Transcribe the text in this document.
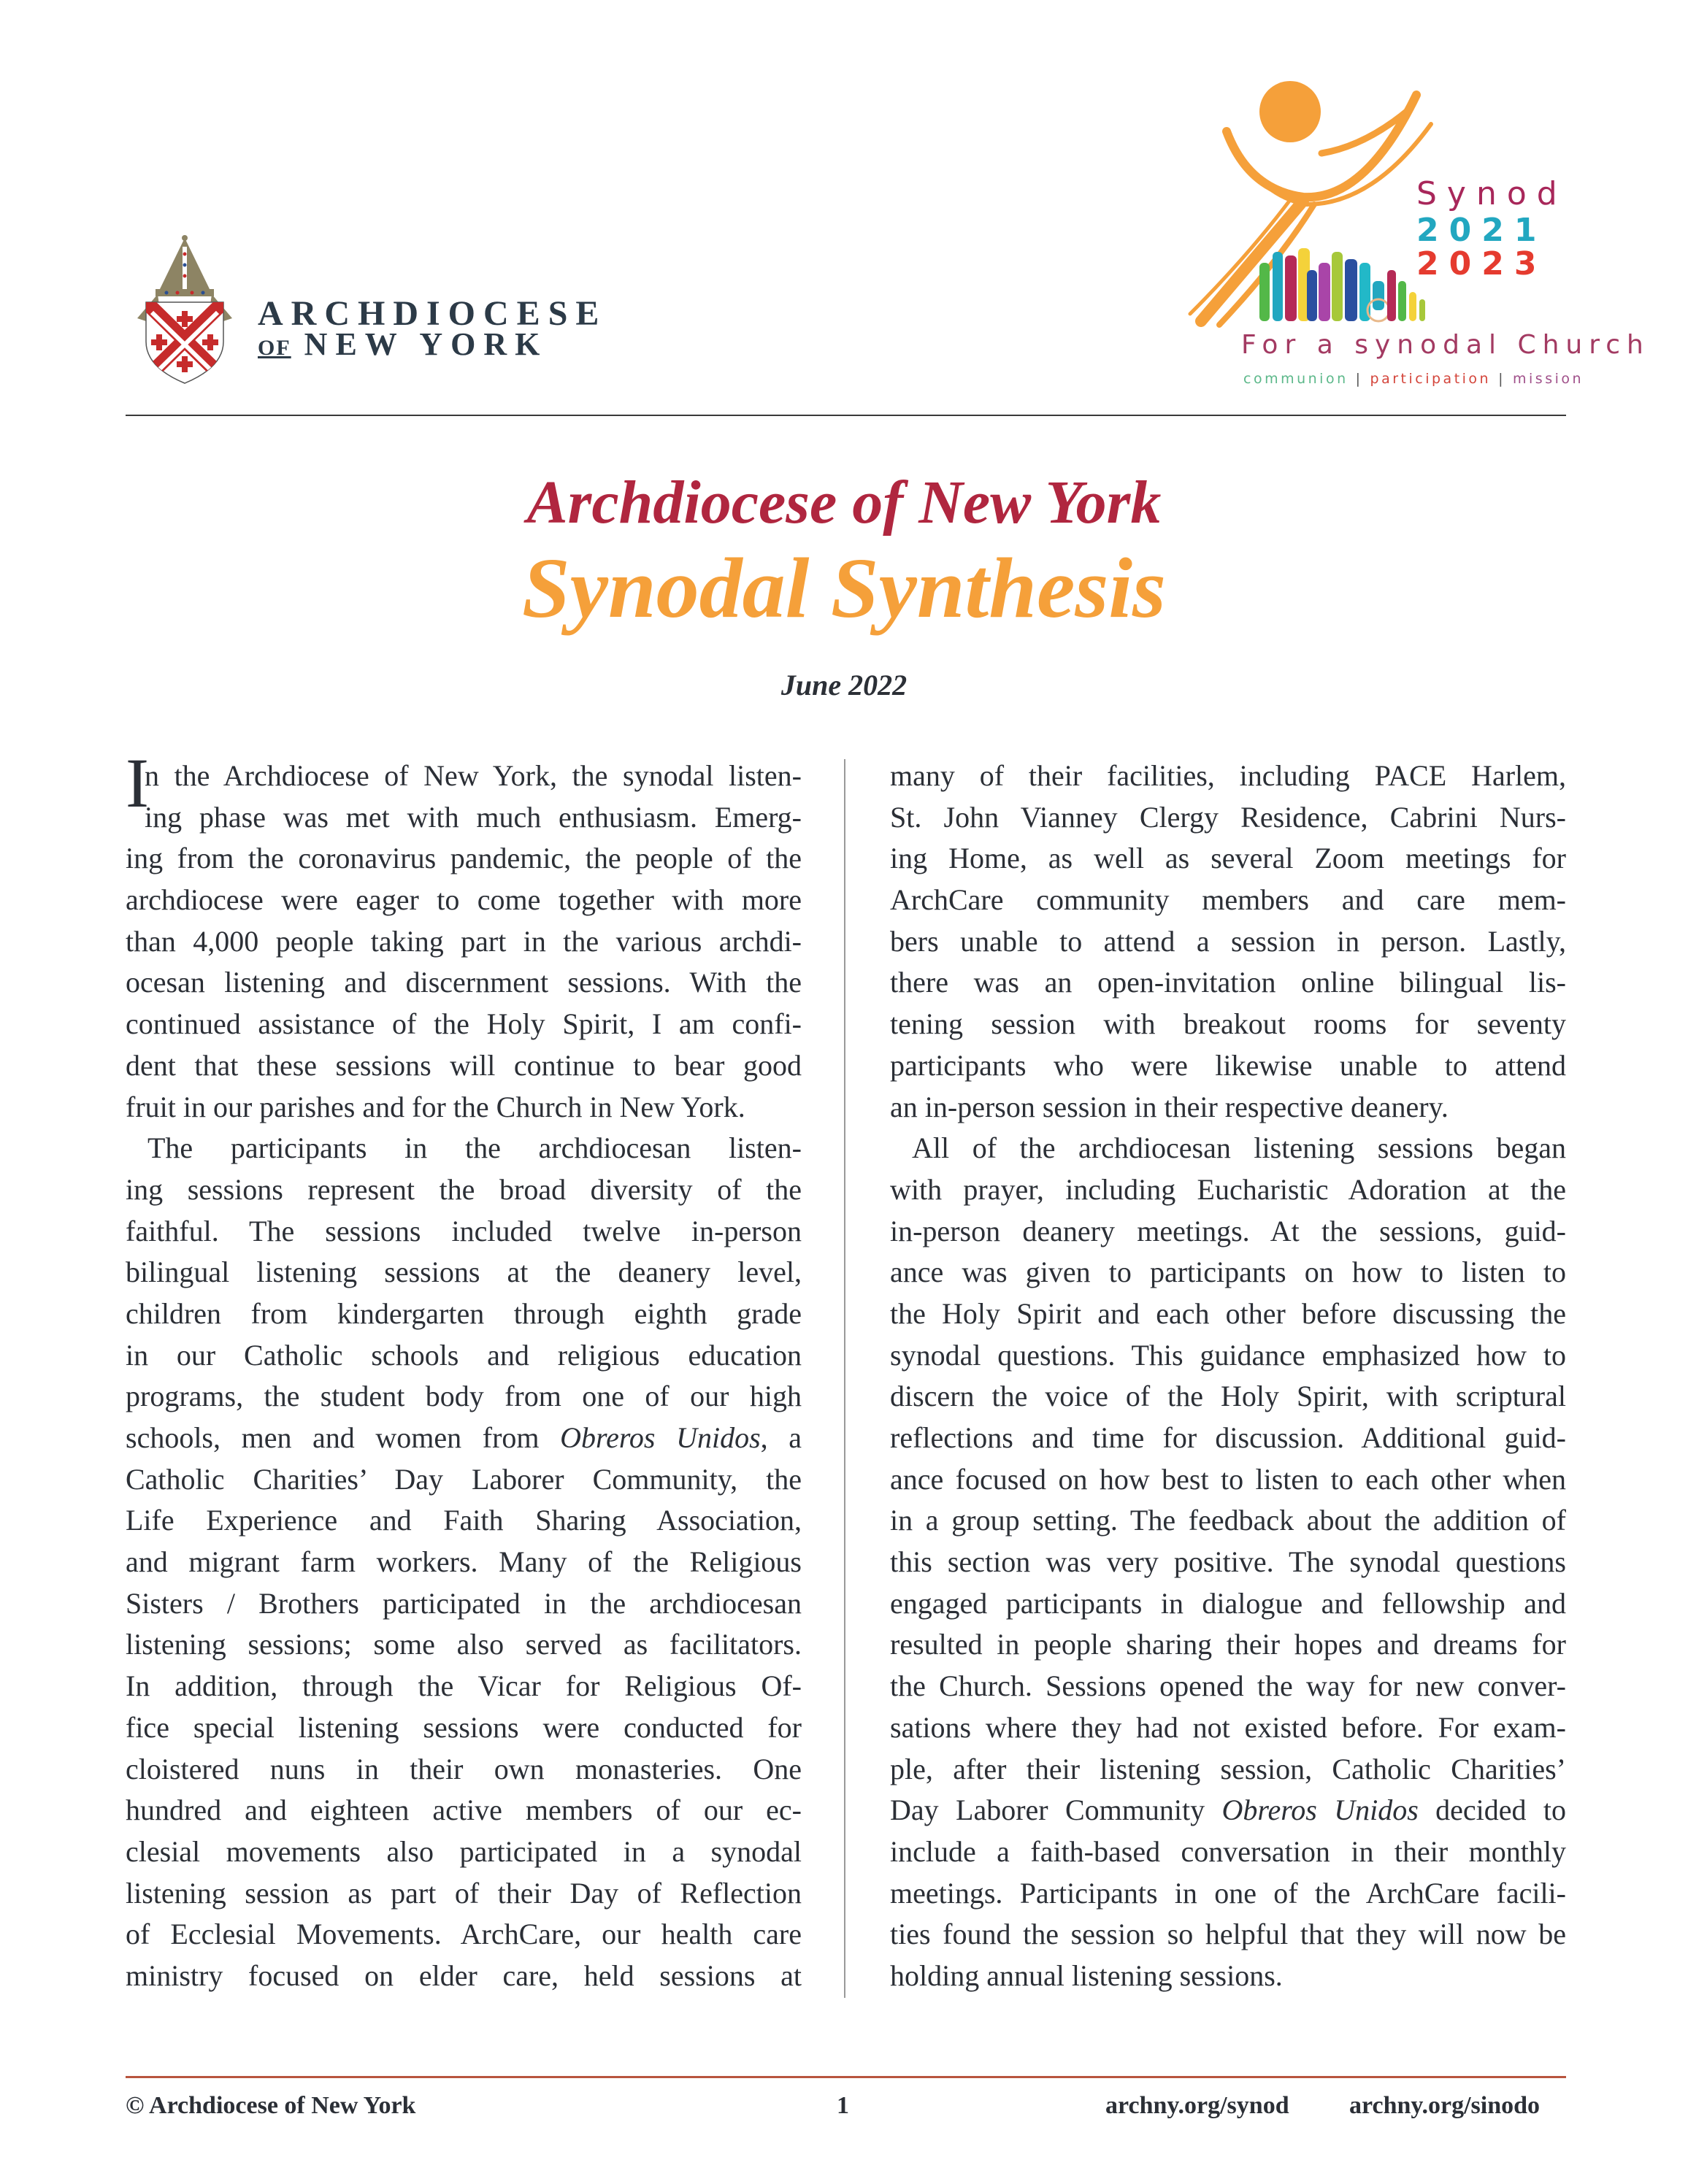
ARCHDIOCESE
OF NEW YORK
Synod
2021
2023
For a synodal Church
communion | participation | mission
Archdiocese of New York
Synodal Synthesis
June 2022
I
n the Archdiocese of New York, the synodal listen-
ing phase was met with much enthusiasm. Emerg-
ing from the coronavirus pandemic, the people of the
archdiocese were eager to come together with more
than 4,000 people taking part in the various archdi-
ocesan listening and discernment sessions. With the
continued assistance of the Holy Spirit, I am confi-
dent that these sessions will continue to bear good
fruit in our parishes and for the Church in New York.
The participants in the archdiocesan listen-
ing sessions represent the broad diversity of the
faithful. The sessions included twelve in-person
bilingual listening sessions at the deanery level,
children from kindergarten through eighth grade
in our Catholic schools and religious education
programs, the student body from one of our high
schools, men and women from Obreros Unidos, a
Catholic Charities’ Day Laborer Community, the
Life Experience and Faith Sharing Association,
and migrant farm workers. Many of the Religious
Sisters / Brothers participated in the archdiocesan
listening sessions; some also served as facilitators.
In addition, through the Vicar for Religious Of-
fice special listening sessions were conducted for
cloistered nuns in their own monasteries. One
hundred and eighteen active members of our ec-
clesial movements also participated in a synodal
listening session as part of their Day of Reflection
of Ecclesial Movements. ArchCare, our health care
ministry focused on elder care, held sessions at
many of their facilities, including PACE Harlem,
St. John Vianney Clergy Residence, Cabrini Nurs-
ing Home, as well as several Zoom meetings for
ArchCare community members and care mem-
bers unable to attend a session in person. Lastly,
there was an open-invitation online bilingual lis-
tening session with breakout rooms for seventy
participants who were likewise unable to attend
an in-person session in their respective deanery.
All of the archdiocesan listening sessions began
with prayer, including Eucharistic Adoration at the
in-person deanery meetings. At the sessions, guid-
ance was given to participants on how to listen to
the Holy Spirit and each other before discussing the
synodal questions. This guidance emphasized how to
discern the voice of the Holy Spirit, with scriptural
reflections and time for discussion. Additional guid-
ance focused on how best to listen to each other when
in a group setting. The feedback about the addition of
this section was very positive. The synodal questions
engaged participants in dialogue and fellowship and
resulted in people sharing their hopes and dreams for
the Church. Sessions opened the way for new conver-
sations where they had not existed before. For exam-
ple, after their listening session, Catholic Charities’
Day Laborer Community Obreros Unidos decided to
include a faith-based conversation in their monthly
meetings. Participants in one of the ArchCare facili-
ties found the session so helpful that they will now be
holding annual listening sessions.
© Archdiocese of New York	1	archny.org/synod archny.org/sinodo
